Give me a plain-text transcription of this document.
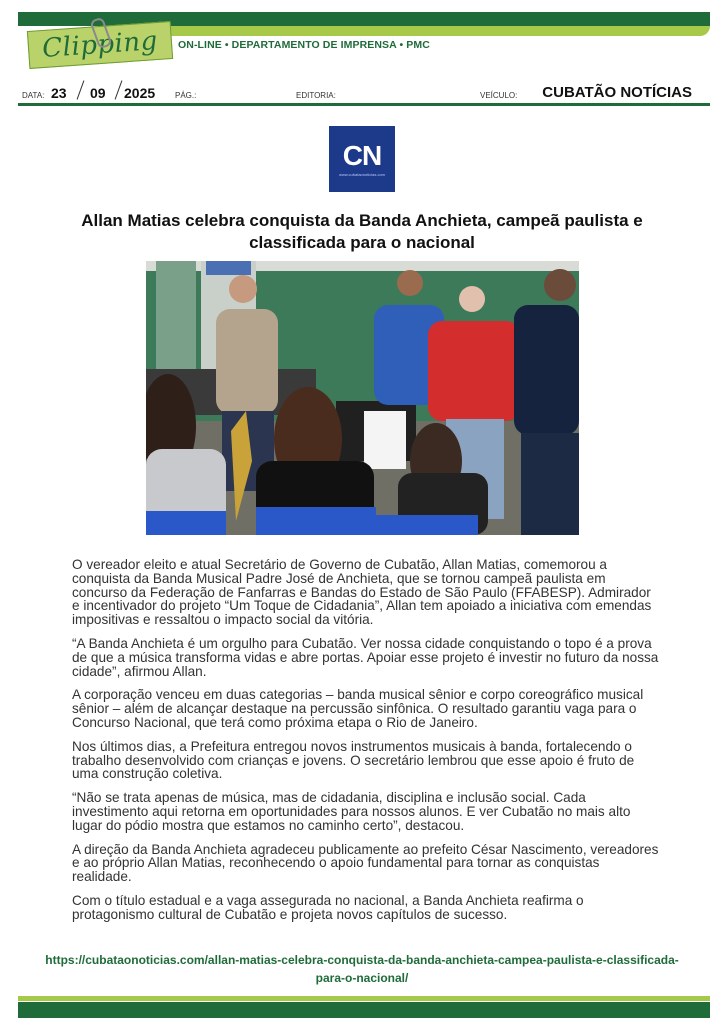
Clipping ON-LINE • DEPARTAMENTO DE IMPRENSA • PMC
DATA: 23 09 2025 PÁG.:	EDITORIA:	VEÍCULO: CUBATÃO NOTÍCIAS
CN
www.cubataonoticias.com
Allan Matias celebra conquista da Banda Anchieta, campeã paulista e classificada para o nacional

O vereador eleito e atual Secretário de Governo de Cubatão, Allan Matias, comemorou a conquista da Banda Musical Padre José de Anchieta, que se tornou campeã paulista em concurso da Federação de Fanfarras e Bandas do Estado de São Paulo (FFABESP). Admirador e incentivador do projeto “Um Toque de Cidadania”, Allan tem apoiado a iniciativa com emendas impositivas e ressaltou o impacto social da vitória.

“A Banda Anchieta é um orgulho para Cubatão. Ver nossa cidade conquistando o topo é a prova de que a música transforma vidas e abre portas. Apoiar esse projeto é investir no futuro da nossa cidade”, afirmou Allan.

A corporação venceu em duas categorias – banda musical sênior e corpo coreográfico musical sênior – além de alcançar destaque na percussão sinfônica. O resultado garantiu vaga para o Concurso Nacional, que terá como próxima etapa o Rio de Janeiro.

Nos últimos dias, a Prefeitura entregou novos instrumentos musicais à banda, fortalecendo o trabalho desenvolvido com crianças e jovens. O secretário lembrou que esse apoio é fruto de uma construção coletiva.

“Não se trata apenas de música, mas de cidadania, disciplina e inclusão social. Cada investimento aqui retorna em oportunidades para nossos alunos. E ver Cubatão no mais alto lugar do pódio mostra que estamos no caminho certo”, destacou.

A direção da Banda Anchieta agradeceu publicamente ao prefeito César Nascimento, vereadores e ao próprio Allan Matias, reconhecendo o apoio fundamental para tornar as conquistas realidade.

Com o título estadual e a vaga assegurada no nacional, a Banda Anchieta reafirma o protagonismo cultural de Cubatão e projeta novos capítulos de sucesso.

https://cubataonoticias.com/allan-matias-celebra-conquista-da-banda-anchieta-campea-paulista-e-classificada-para-o-nacional/
